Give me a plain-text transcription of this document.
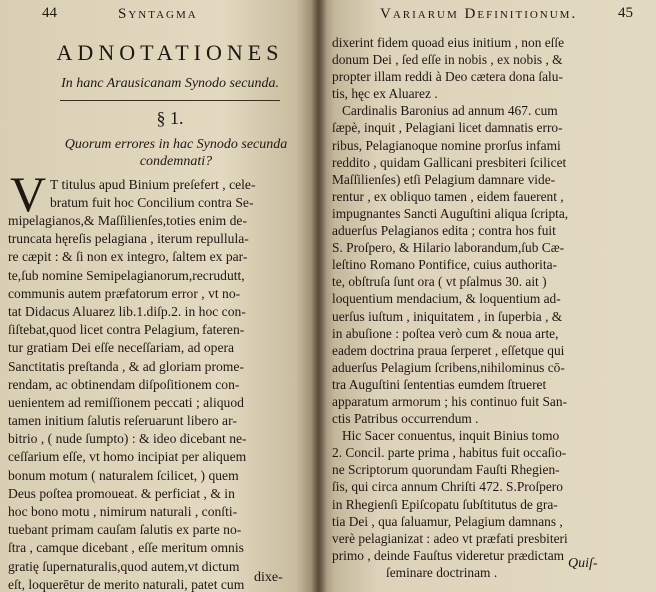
44	Syntagma
ADNOTATIONES
In hanc Arausicanam Synodo secunda.
§ 1.
Quorum errores in hac Synodo secunda
condemnati?
V T titulus apud Binium preſefert , cele-
bratum fuit hoc Concilium contra Se-
mipelagianos,& Maſſilienſes,toties enim de-
truncata hęreſis pelagiana , iterum repullula-
re cæpit : & ſi non ex integro, ſaltem ex par-
te,ſub nomine Semipelagianorum,recrudutt,
communis autem præfatorum error , vt no-
tat Didacus Aluarez lib.1.diſp.2. in hoc con-
ſiſtebat,quod licet contra Pelagium, fateren-
tur gratiam Dei eſſe neceſſariam, ad opera
Sanctitatis preſtanda , & ad gloriam prome-
rendam, ac obtinendam diſpoſitionem con-
uenientem ad remiſſionem peccati ; aliquod
tamen initium ſalutis reſeruarunt libero ar-
bitrio , ( nude ſumpto) : & ideo dicebant ne-
ceſſarium eſſe, vt homo incipiat per aliquem
bonum motum ( naturalem ſcilicet, ) quem
Deus poſtea promoueat. & perficiat , & in
hoc bono motu , nimirum naturali , conſti-
tuebant primam cauſam ſalutis ex parte no-
ſtra , camque dicebant , eſſe meritum omnis
gratię ſupernaturalis,quod autem,vt dictum
eſt, loquerētur de merito naturali, patet cum dixe-
Variarum Definitionum.	45
dixerint fidem quoad eius initium , non eſſe
donum Dei , ſed eſſe in nobis , ex nobis , &
propter illam reddi à Deo cætera dona ſalu-
tis, hęc ex Aluarez .
Cardinalis Baronius ad annum 467. cum
ſæpè, inquit , Pelagiani licet damnatis erro-
ribus, Pelagianoque nomine prorſus infami
reddito , quidam Gallicani presbiteri ſcilicet
Maſſilienſes) etſi Pelagium damnare vide-
rentur , ex obliquo tamen , eidem fauerent ,
impugnantes Sancti Auguſtini aliqua ſcripta,
aduerſus Pelagianos edita ; contra hos fuit
S. Proſpero, & Hilario laborandum,ſub Cæ-
leſtino Romano Pontifice, cuius authorita-
te, obſtruſa ſunt ora ( vt pſalmus 30. ait )
loquentium mendacium, & loquentium ad-
uerſus iuſtum , iniquitatem , in ſuperbia , &
in abuſione : poſtea verò cum & noua arte,
eadem doctrina praua ſerperet , eſſetque qui
aduerſus Pelagium ſcribens,nihilominus cō-
tra Auguſtini ſententias eumdem ſtrueret
apparatum armorum ; his continuo fuit San-
ctis Patribus occurrendum .
Hic Sacer conuentus, inquit Binius tomo
2. Concil. parte prima , habitus fuit occaſio-
ne Scriptorum quorundam Fauſti Rhegien-
ſis, qui circa annum Chriſti 472. S.Proſpero
in Rhegienſi Epiſcopatu ſubſtitutus de gra-
tia Dei , qua ſaluamur, Pelagium damnans ,
verè pelagianizat : adeo vt præfati presbiteri
primo , deinde Fauſtus videretur prædictam
ſeminare doctrinam .
Quiſ-
